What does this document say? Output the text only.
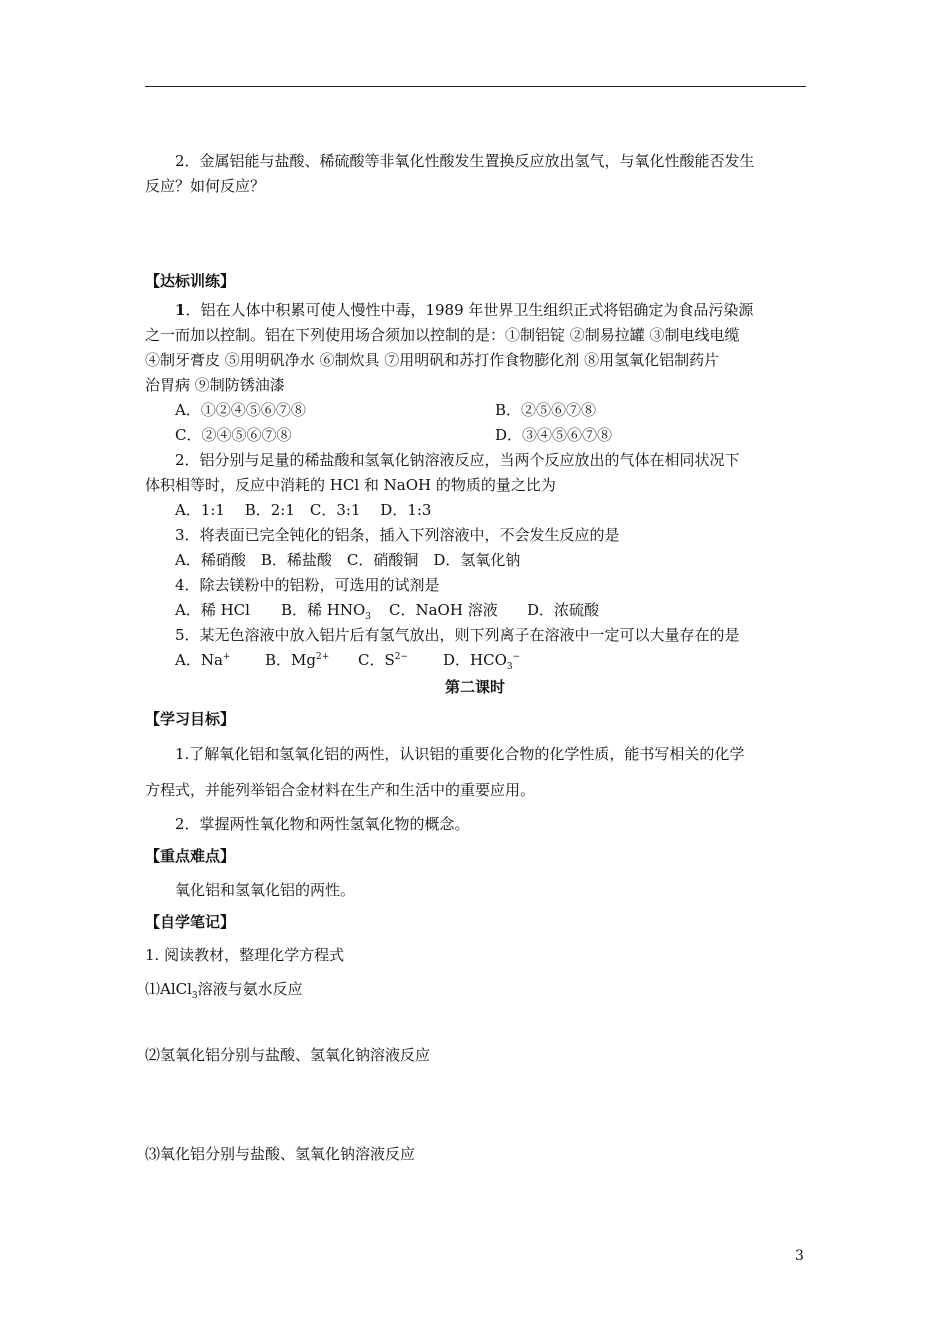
2．金属铝能与盐酸、稀硫酸等非氧化性酸发生置换反应放出氢气，与氧化性酸能否发生
反应？如何反应？
【达标训练】
1．铝在人体中积累可使人慢性中毒，1989 年世界卫生组织正式将铝确定为食品污染源
之一而加以控制。铝在下列使用场合须加以控制的是：①制铝锭 ②制易拉罐 ③制电线电缆
④制牙膏皮 ⑤用明矾净水 ⑥制炊具 ⑦用明矾和苏打作食物膨化剂 ⑧用氢氧化铝制药片
治胃病 ⑨制防锈油漆
A．①②④⑤⑥⑦⑧	B．②⑤⑥⑦⑧
C．②④⑤⑥⑦⑧	D．③④⑤⑥⑦⑧
2．铝分别与足量的稀盐酸和氢氧化钠溶液反应，当两个反应放出的气体在相同状况下
体积相等时，反应中消耗的 HCl 和 NaOH 的物质的量之比为
A．1:1　 B．2:1　C．3:1　 D．1:3
3．将表面已完全钝化的铝条，插入下列溶液中，不会发生反应的是
A．稀硝酸　B．稀盐酸　C．硝酸铜　D．氢氧化钠
4．除去镁粉中的铝粉，可选用的试剂是
A．稀 HCl B．稀 $HNO_3$ C．NaOH 溶液 D．浓硫酸
5．某无色溶液中放入铝片后有氢气放出，则下列离子在溶液中一定可以大量存在的是
A．Na+ B．$Mg^{2+}$ C．$S^{2-}$ D．$HCO_3^-$
第二课时
【学习目标】
1.了解氧化铝和氢氧化铝的两性，认识铝的重要化合物的化学性质，能书写相关的化学
方程式，并能列举铝合金材料在生产和生活中的重要应用。
2．掌握两性氧化物和两性氢氧化物的概念。
【重点难点】
氧化铝和氢氧化铝的两性。
【自学笔记】
1. 阅读教材，整理化学方程式
⑴AlCl$_3$溶液与氨水反应
⑵氢氧化铝分别与盐酸、氢氧化钠溶液反应
⑶氧化铝分别与盐酸、氢氧化钠溶液反应
3
